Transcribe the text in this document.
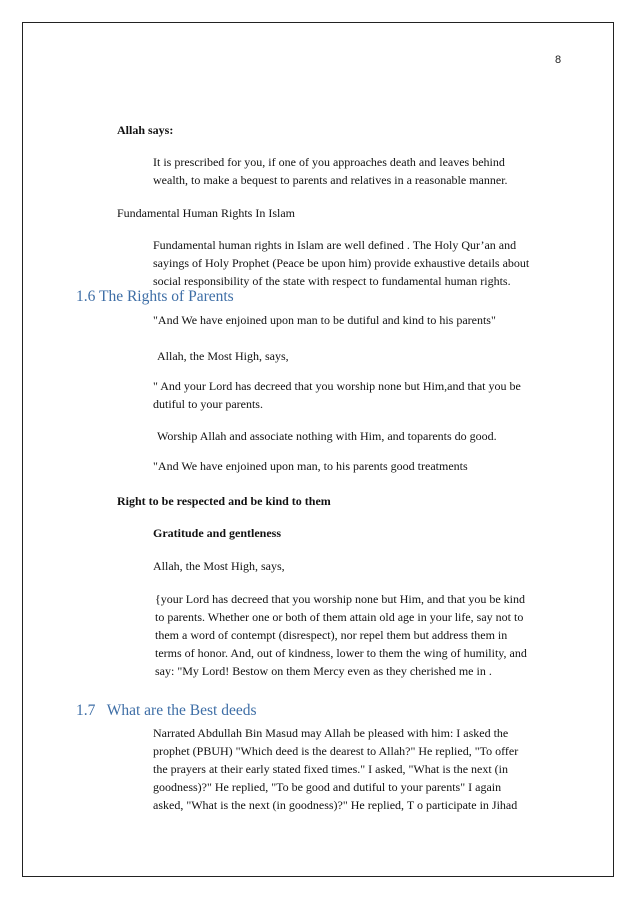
8
Allah says:
It is prescribed for you, if one of you approaches death and leaves behind
wealth, to make a bequest to parents and relatives in a reasonable manner.
Fundamental Human Rights In Islam
Fundamental human rights in Islam are well defined . The Holy Qur’an and
sayings of Holy Prophet (Peace be upon him) provide exhaustive details about
social responsibility of the state with respect to fundamental human rights.
1.6 The Rights of Parents
"And We have enjoined upon man to be dutiful and kind to his parents"
Allah, the Most High, says,
" And your Lord has decreed that you worship none but Him,and that you be
dutiful to your parents.
Worship Allah and associate nothing with Him, and toparents do good.
"And We have enjoined upon man, to his parents good treatments
Right to be respected and be kind to them
Gratitude and gentleness
Allah, the Most High, says,
{your Lord has decreed that you worship none but Him, and that you be kind
to parents. Whether one or both of them attain old age in your life, say not to
them a word of contempt (disrespect), nor repel them but address them in
terms of honor. And, out of kindness, lower to them the wing of humility, and
say: "My Lord! Bestow on them Mercy even as they cherished me in .
1.7   What are the Best deeds
Narrated Abdullah Bin Masud may Allah be pleased with him: I asked the
prophet (PBUH) "Which deed is the dearest to Allah?" He replied, "To offer
the prayers at their early stated fixed times." I asked, "What is the next (in
goodness)?" He replied, "To be good and dutiful to your parents" I again
asked, "What is the next (in goodness)?" He replied, T o participate in Jihad
